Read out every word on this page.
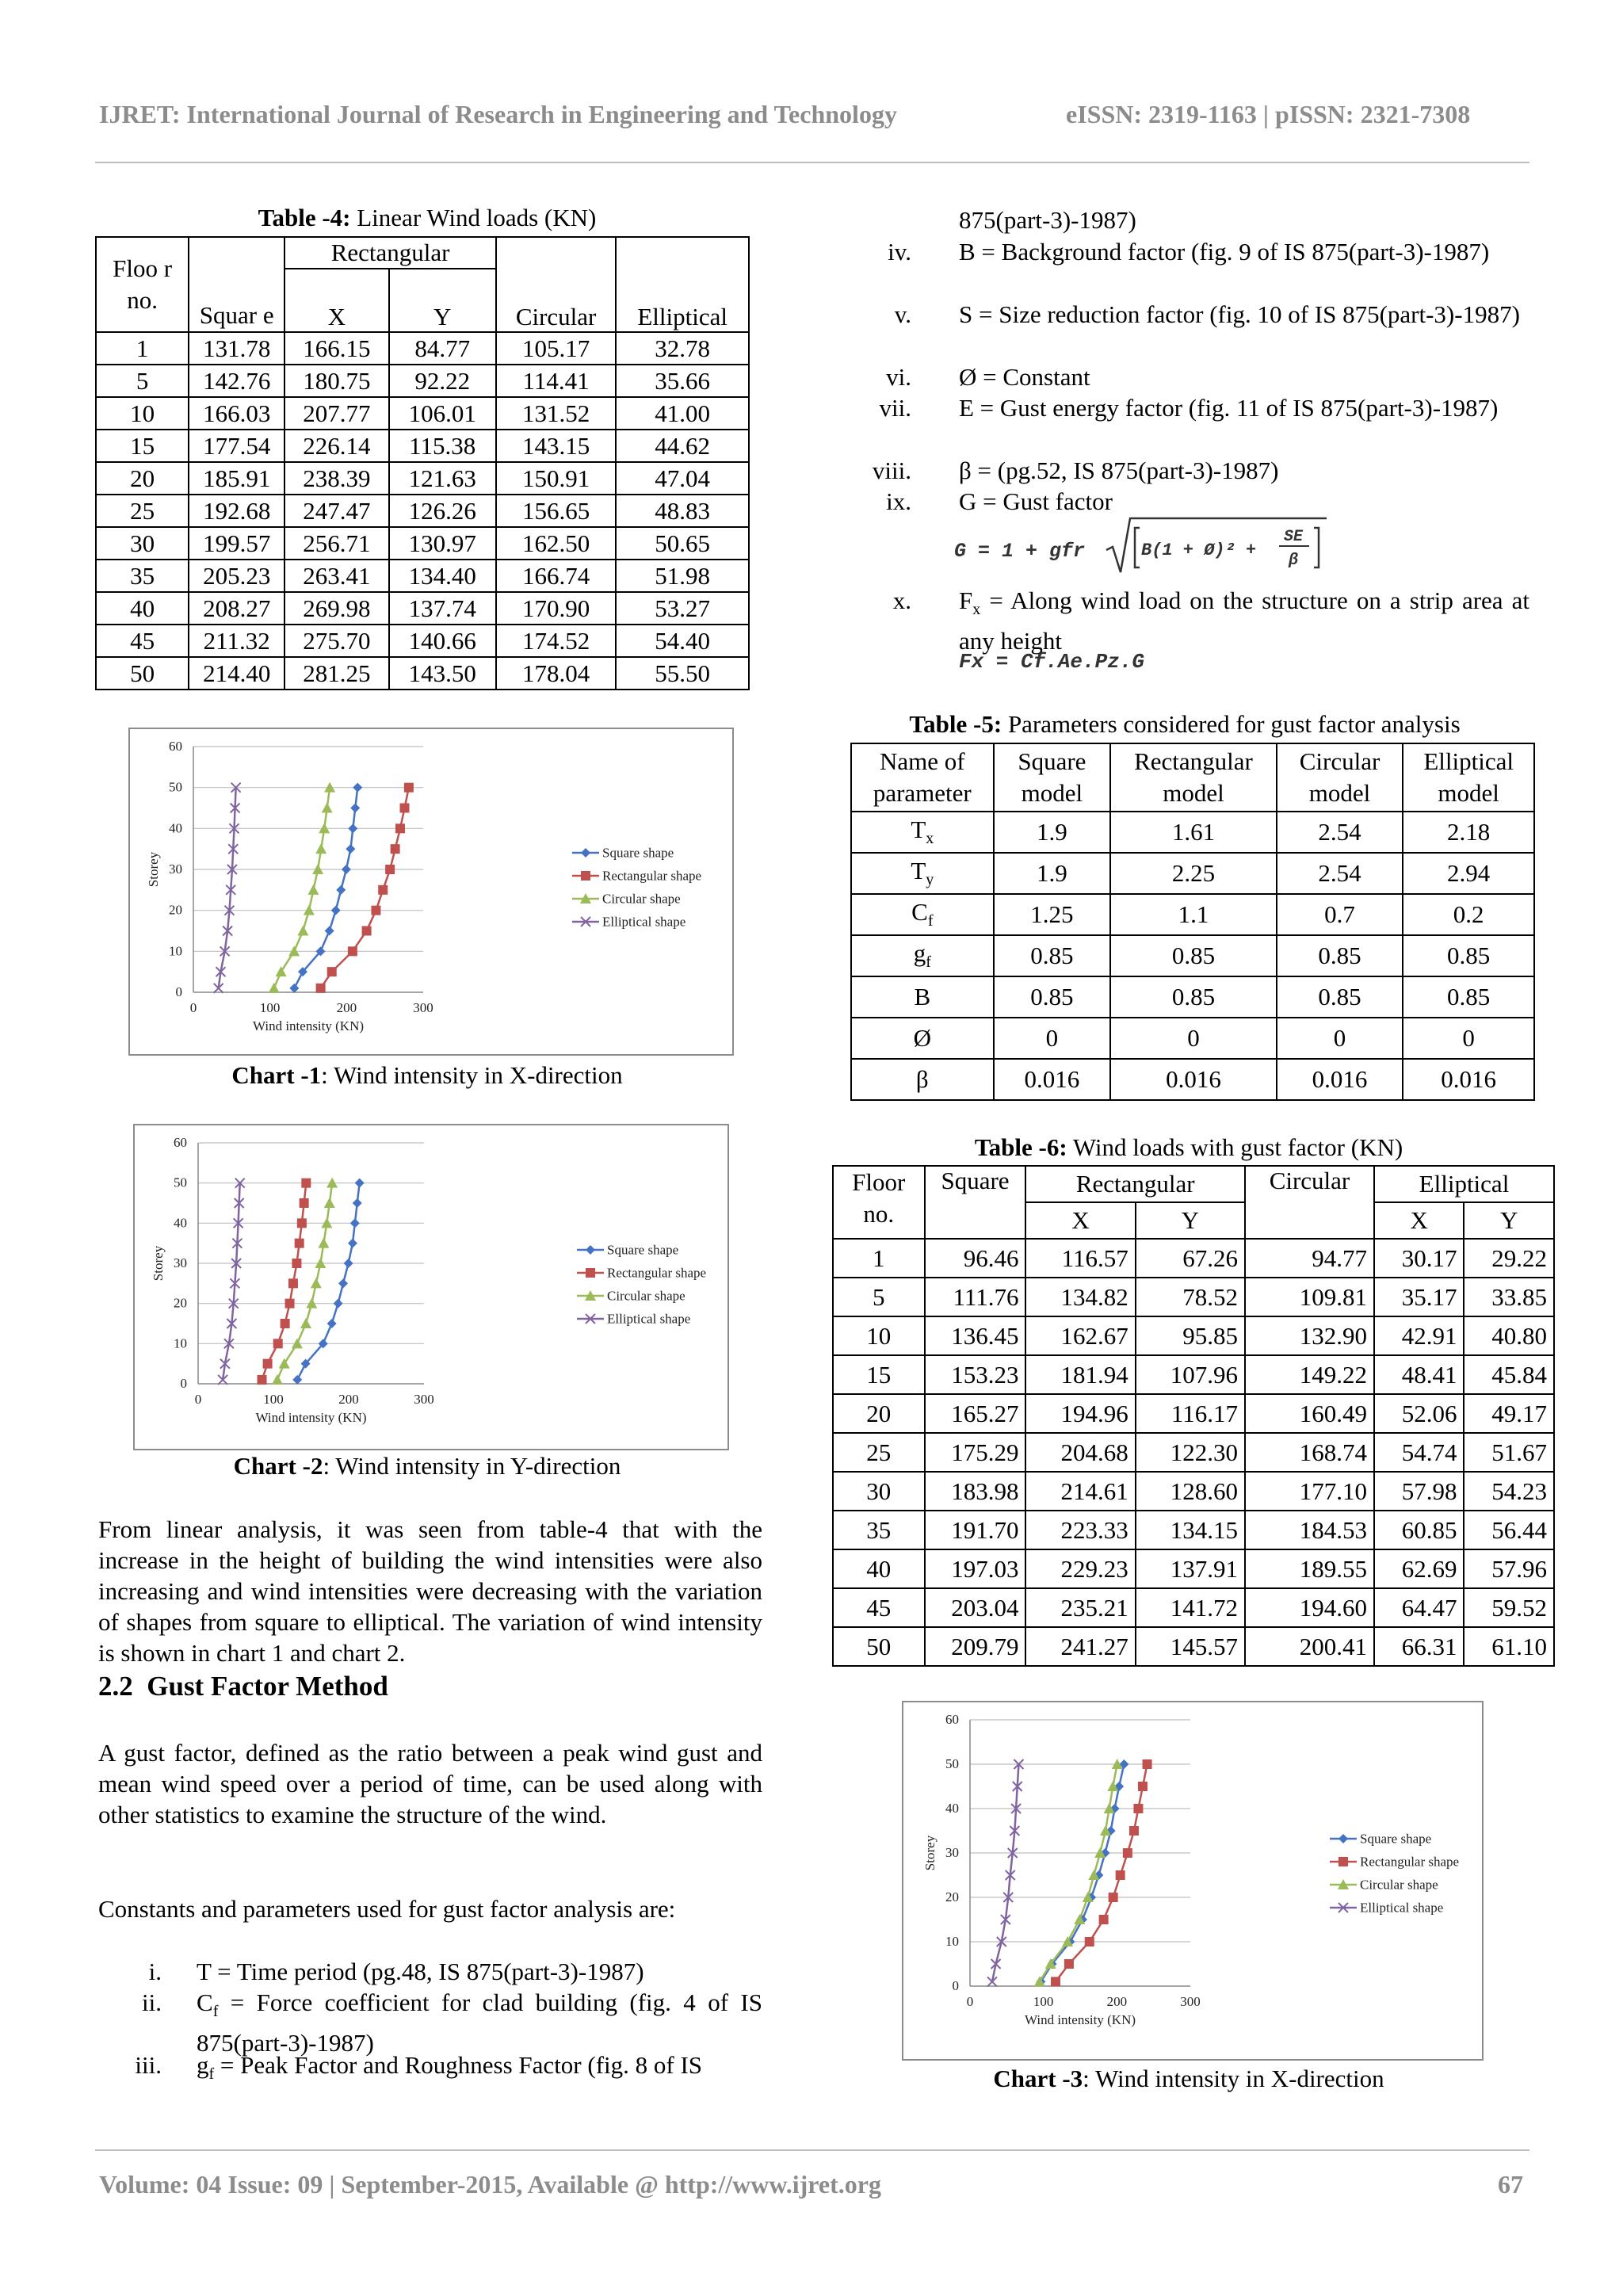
IJRET: International Journal of Research in Engineering and Technology	eISSN: 2319-1163 | pISSN: 2321-7308
Table -4: Linear Wind loads (KN)
Floo r no.	Squar e	Rectangular		Circular	Elliptical
		X	Y		
1	131.78	166.15	84.77	105.17	32.78
5	142.76	180.75	92.22	114.41	35.66
10	166.03	207.77	106.01	131.52	41.00
15	177.54	226.14	115.38	143.15	44.62
20	185.91	238.39	121.63	150.91	47.04
25	192.68	247.47	126.26	156.65	48.83
30	199.57	256.71	130.97	162.50	50.65
35	205.23	263.41	134.40	166.74	51.98
40	208.27	269.98	137.74	170.90	53.27
45	211.32	275.70	140.66	174.52	54.40
50	214.40	281.25	143.50	178.04	55.50
0
10
20
30
40
50
60
0	100	200	300
Wind intensity (KN)
Storey	Square shape
Rectangular shape
Circular shape
Elliptical shape
Chart -1: Wind intensity in X-direction
0
10
20
30
40
50
60
0	100	200	300
Wind intensity (KN)
Storey	Square shape
Rectangular shape
Circular shape
Elliptical shape
Chart -2: Wind intensity in Y-direction
From linear analysis, it was seen from table-4 that with the increase in the height of building the wind intensities were also increasing and wind intensities were decreasing with the variation of shapes from square to elliptical. The variation of wind intensity is shown in chart 1 and chart 2.
2.2 Gust Factor Method
A gust factor, defined as the ratio between a peak wind gust and mean wind speed over a period of time, can be used along with other statistics to examine the structure of the wind.
Constants and parameters used for gust factor analysis are:
i. T = Time period (pg.48, IS 875(part-3)-1987)
ii. $C_f$ = Force coefficient for clad building (fig. 4 of IS 875(part-3)-1987)
iii. $g_f$ = Peak Factor and Roughness Factor (fig. 8 of IS
875(part-3)-1987)
iv. B = Background factor (fig. 9 of IS 875(part-3)-1987)
v. S = Size reduction factor (fig. 10 of IS 875(part-3)-1987)
vi. Ø = Constant
vii. E = Gust energy factor (fig. 11 of IS 875(part-3)-1987)
viii. β = (pg.52, IS 875(part-3)-1987)
ix. G = Gust factor
G = 1 + gfr	B(1 + Ø)² +
SE
β
x. $F_x$ = Along wind load on the structure on a strip area at any height
Fx = Cf.Ae.Pz.G
Table -5: Parameters considered for gust factor analysis
Name of parameter	Square model	Rectangular model	Circular model	Elliptical model
$T_x$	1.9	1.61	2.54	2.18
$T_y$	1.9	2.25	2.54	2.94
$C_f$	1.25	1.1	0.7	0.2
$g_f$	0.85	0.85	0.85	0.85
B	0.85	0.85	0.85	0.85
Ø	0	0	0	0
β	0.016	0.016	0.016	0.016
Table -6: Wind loads with gust factor (KN)
Floor no.	Square	Rectangular		Circular	Elliptical	
		X	Y		X	Y
1	96.46	116.57	67.26	94.77	30.17	29.22
5	111.76	134.82	78.52	109.81	35.17	33.85
10	136.45	162.67	95.85	132.90	42.91	40.80
15	153.23	181.94	107.96	149.22	48.41	45.84
20	165.27	194.96	116.17	160.49	52.06	49.17
25	175.29	204.68	122.30	168.74	54.74	51.67
30	183.98	214.61	128.60	177.10	57.98	54.23
35	191.70	223.33	134.15	184.53	60.85	56.44
40	197.03	229.23	137.91	189.55	62.69	57.96
45	203.04	235.21	141.72	194.60	64.47	59.52
50	209.79	241.27	145.57	200.41	66.31	61.10
0
10
20
30
40
50
60
0	100	200	300
Wind intensity (KN)
Storey	Square shape
Rectangular shape
Circular shape
Elliptical shape
Chart -3: Wind intensity in X-direction
Volume: 04 Issue: 09 | September-2015, Available @ http://www.ijret.org	67
